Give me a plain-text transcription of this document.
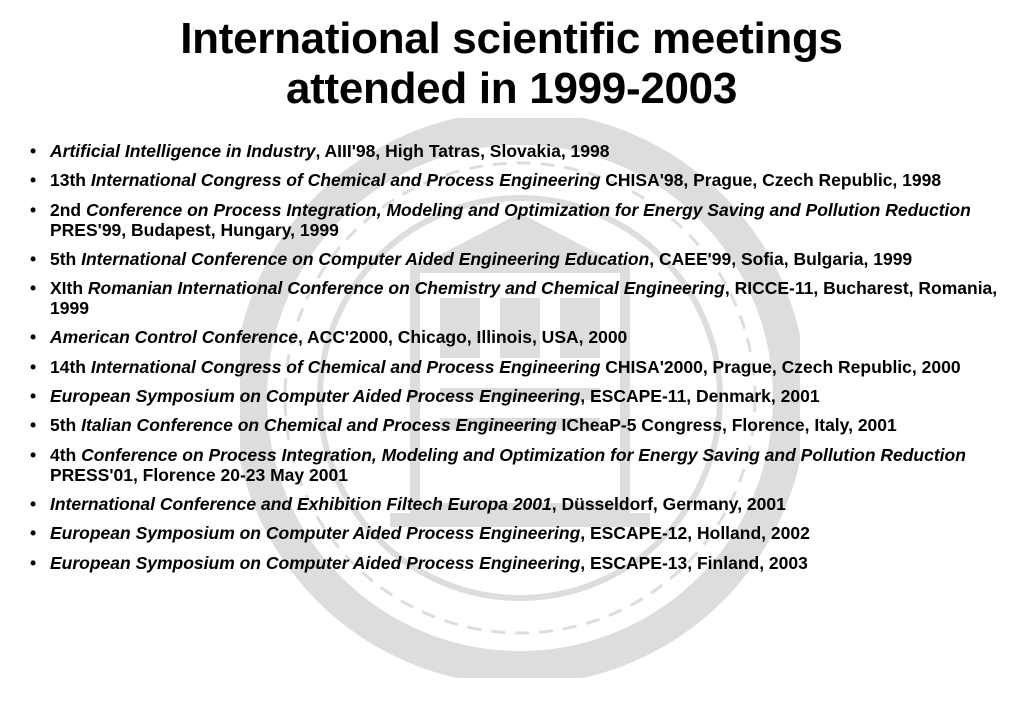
International scientific meetings
attended in 1999-2003
• Artificial Intelligence in Industry, AIII'98, High Tatras, Slovakia, 1998
• 13th International Congress of Chemical and Process Engineering CHISA'98, Prague, Czech Republic, 1998
• 2nd Conference on Process Integration, Modeling and Optimization for Energy Saving and Pollution Reduction PRES'99, Budapest, Hungary, 1999
• 5th International Conference on Computer Aided Engineering Education, CAEE'99, Sofia, Bulgaria, 1999
• XIth Romanian International Conference on Chemistry and Chemical Engineering, RICCE-11, Bucharest, Romania, 1999
• American Control Conference, ACC'2000, Chicago, Illinois, USA, 2000
• 14th International Congress of Chemical and Process Engineering CHISA'2000, Prague, Czech Republic, 2000
• European Symposium on Computer Aided Process Engineering, ESCAPE-11, Denmark, 2001
• 5th Italian Conference on Chemical and Process Engineering ICheaP-5 Congress, Florence, Italy, 2001
• 4th Conference on Process Integration, Modeling and Optimization for Energy Saving and Pollution Reduction PRESS'01, Florence 20-23 May 2001
• International Conference and Exhibition Filtech Europa 2001, Düsseldorf, Germany, 2001
• European Symposium on Computer Aided Process Engineering, ESCAPE-12, Holland, 2002
• European Symposium on Computer Aided Process Engineering, ESCAPE-13, Finland, 2003
